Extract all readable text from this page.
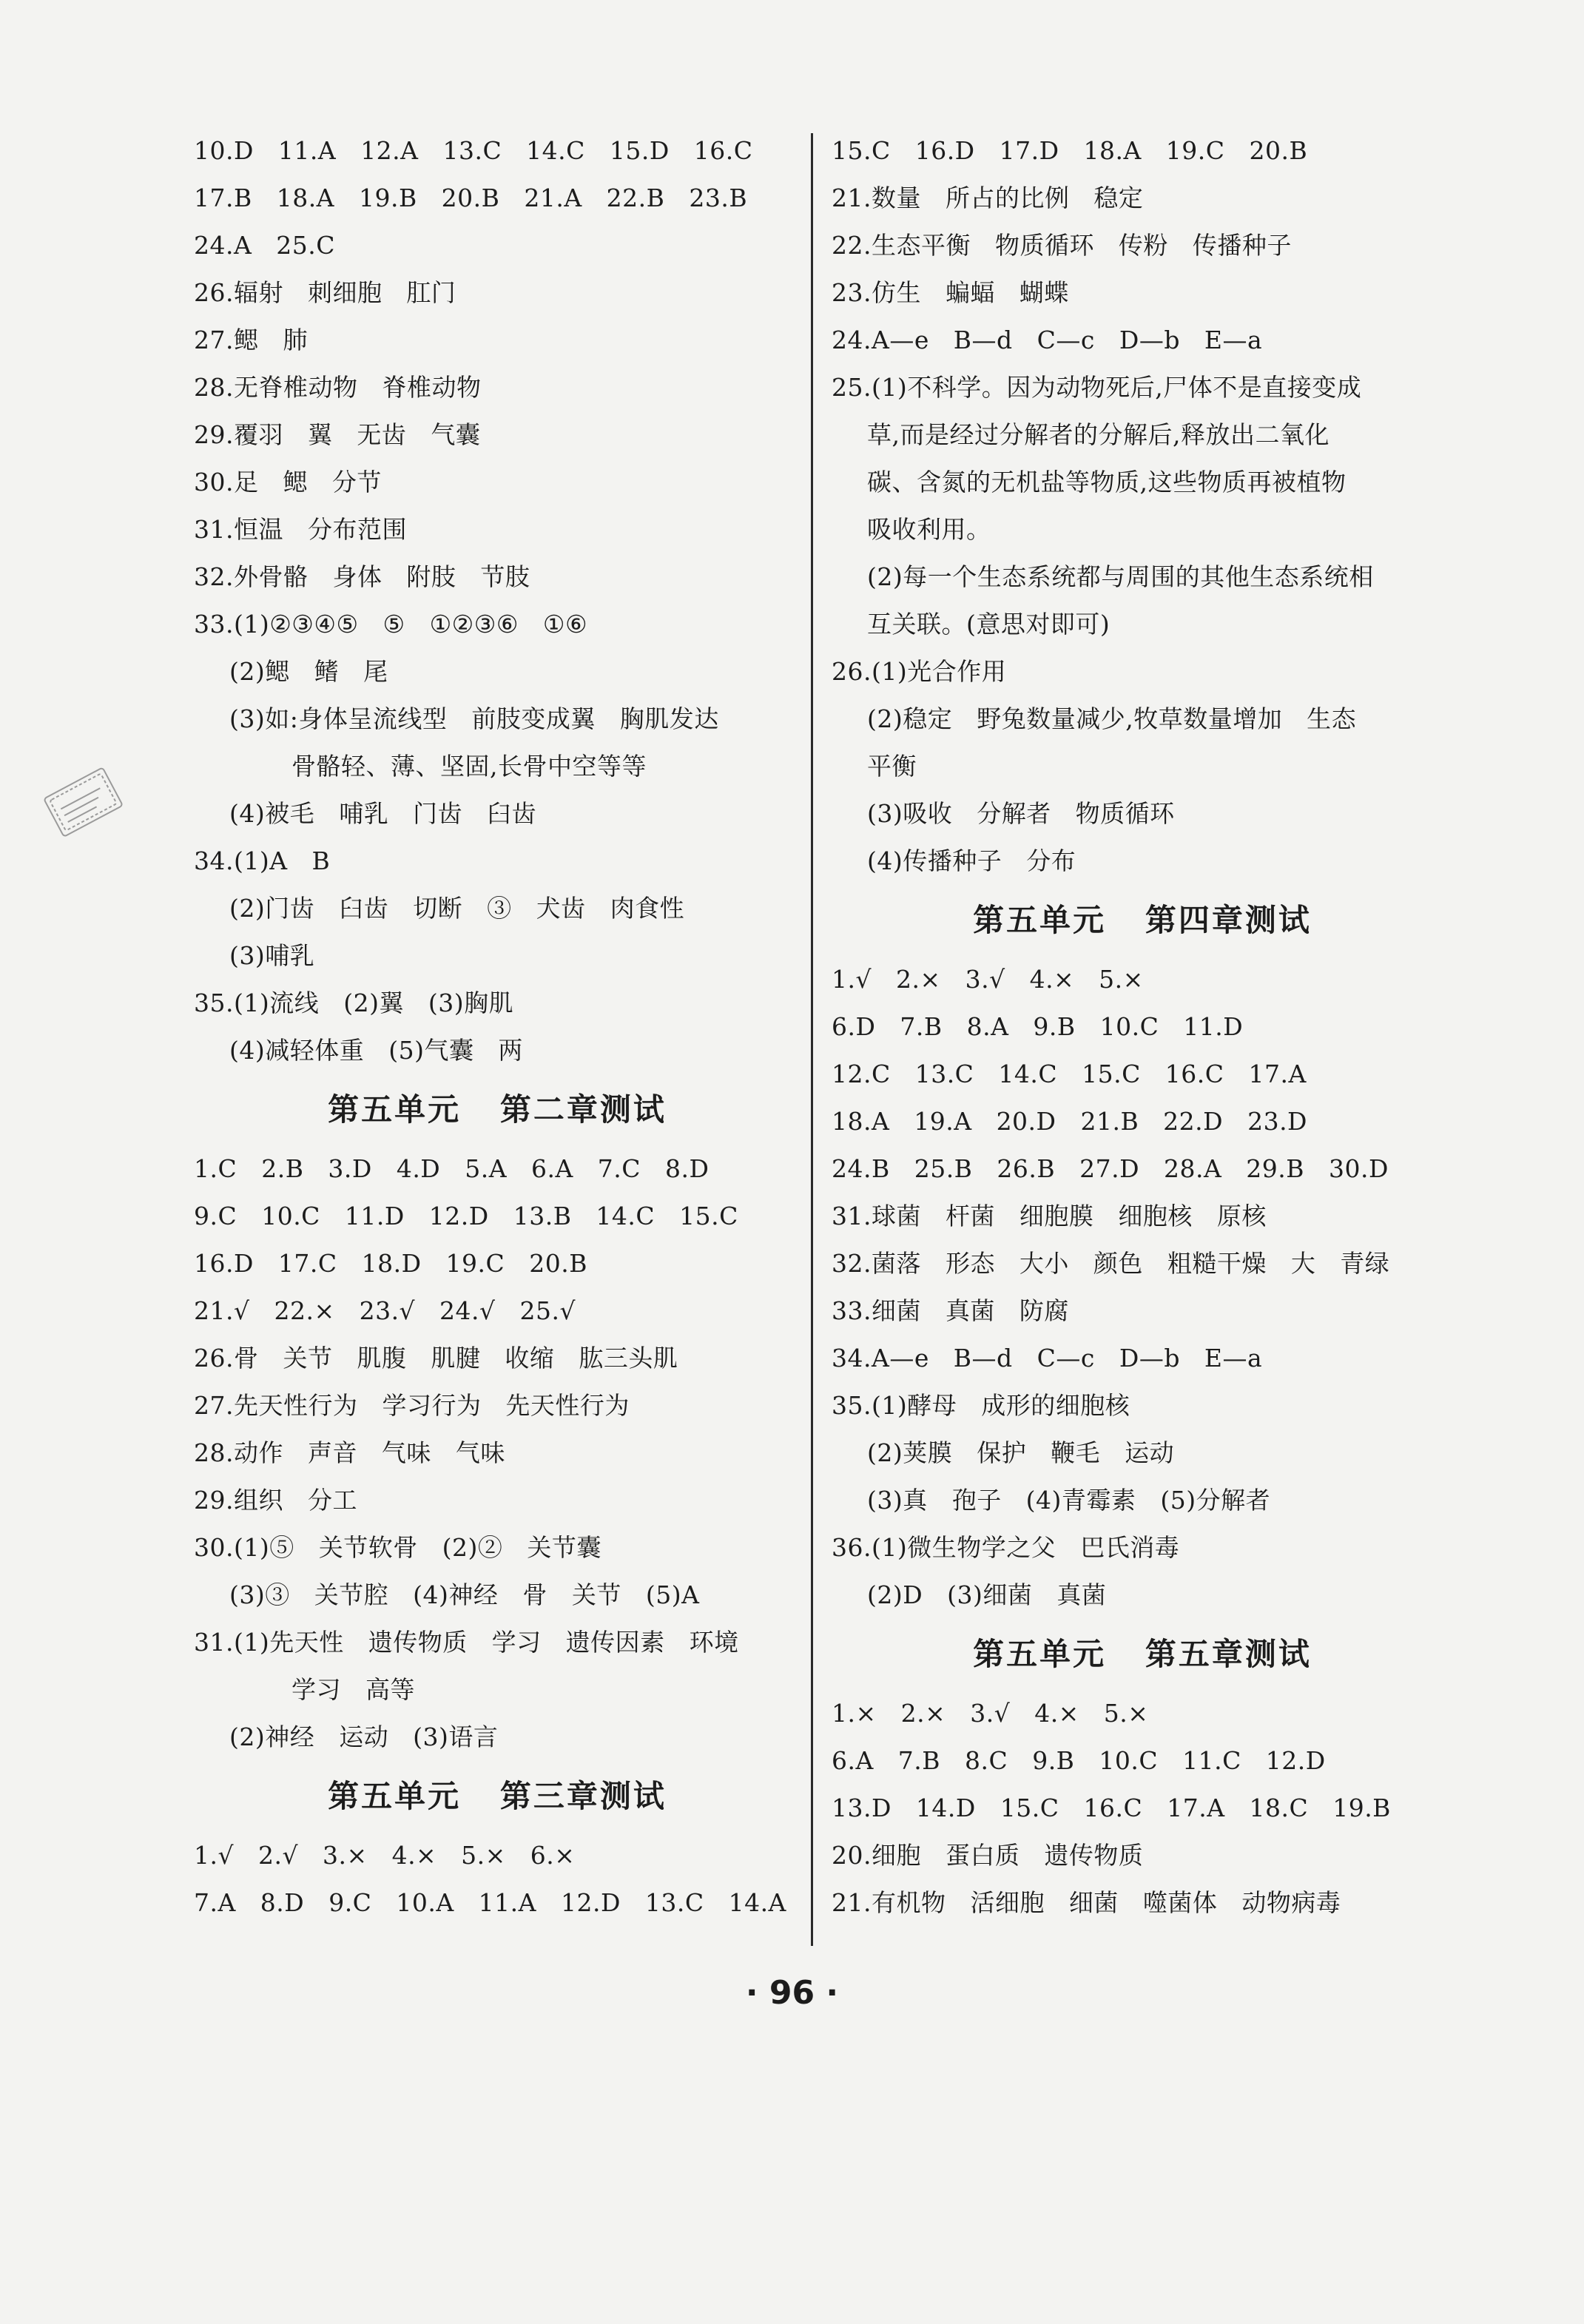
10.D   11.A   12.A   13.C   14.C   15.D   16.C
17.B   18.A   19.B   20.B   21.A   22.B   23.B
24.A   25.C
26.辐射   刺细胞   肛门
27.鳃   肺
28.无脊椎动物   脊椎动物
29.覆羽   翼   无齿   气囊
30.足   鳃   分节
31.恒温   分布范围
32.外骨骼   身体   附肢   节肢
33.(1)②③④⑤   ⑤   ①②③⑥   ①⑥
(2)鳃   鳍   尾
(3)如:身体呈流线型   前肢变成翼   胸肌发达
骨骼轻、薄、坚固,长骨中空等等
(4)被毛   哺乳   门齿   臼齿
34.(1)A   B
(2)门齿   臼齿   切断   ③   犬齿   肉食性
(3)哺乳
35.(1)流线   (2)翼   (3)胸肌
(4)减轻体重   (5)气囊   两
第五单元   第二章测试
1.C   2.B   3.D   4.D   5.A   6.A   7.C   8.D
9.C   10.C   11.D   12.D   13.B   14.C   15.C
16.D   17.C   18.D   19.C   20.B
21.√   22.×   23.√   24.√   25.√
26.骨   关节   肌腹   肌腱   收缩   肱三头肌
27.先天性行为   学习行为   先天性行为
28.动作   声音   气味   气味
29.组织   分工
30.(1)⑤   关节软骨   (2)②   关节囊
(3)③   关节腔   (4)神经   骨   关节   (5)A
31.(1)先天性   遗传物质   学习   遗传因素   环境
学习   高等
(2)神经   运动   (3)语言
第五单元   第三章测试
1.√   2.√   3.×   4.×   5.×   6.×
7.A   8.D   9.C   10.A   11.A   12.D   13.C   14.A
15.C   16.D   17.D   18.A   19.C   20.B
21.数量   所占的比例   稳定
22.生态平衡   物质循环   传粉   传播种子
23.仿生   蝙蝠   蝴蝶
24.A—e   B—d   C—c   D—b   E—a
25.(1)不科学。因为动物死后,尸体不是直接变成
草,而是经过分解者的分解后,释放出二氧化
碳、含氮的无机盐等物质,这些物质再被植物
吸收利用。
(2)每一个生态系统都与周围的其他生态系统相
互关联。(意思对即可)
26.(1)光合作用
(2)稳定   野兔数量减少,牧草数量增加   生态
平衡
(3)吸收   分解者   物质循环
(4)传播种子   分布
第五单元   第四章测试
1.√   2.×   3.√   4.×   5.×
6.D   7.B   8.A   9.B   10.C   11.D
12.C   13.C   14.C   15.C   16.C   17.A
18.A   19.A   20.D   21.B   22.D   23.D
24.B   25.B   26.B   27.D   28.A   29.B   30.D
31.球菌   杆菌   细胞膜   细胞核   原核
32.菌落   形态   大小   颜色   粗糙干燥   大   青绿
33.细菌   真菌   防腐
34.A—e   B—d   C—c   D—b   E—a
35.(1)酵母   成形的细胞核
(2)荚膜   保护   鞭毛   运动
(3)真   孢子   (4)青霉素   (5)分解者
36.(1)微生物学之父   巴氏消毒
(2)D   (3)细菌   真菌
第五单元   第五章测试
1.×   2.×   3.√   4.×   5.×
6.A   7.B   8.C   9.B   10.C   11.C   12.D
13.D   14.D   15.C   16.C   17.A   18.C   19.B
20.细胞   蛋白质   遗传物质
21.有机物   活细胞   细菌   噬菌体   动物病毒
· 96 ·
